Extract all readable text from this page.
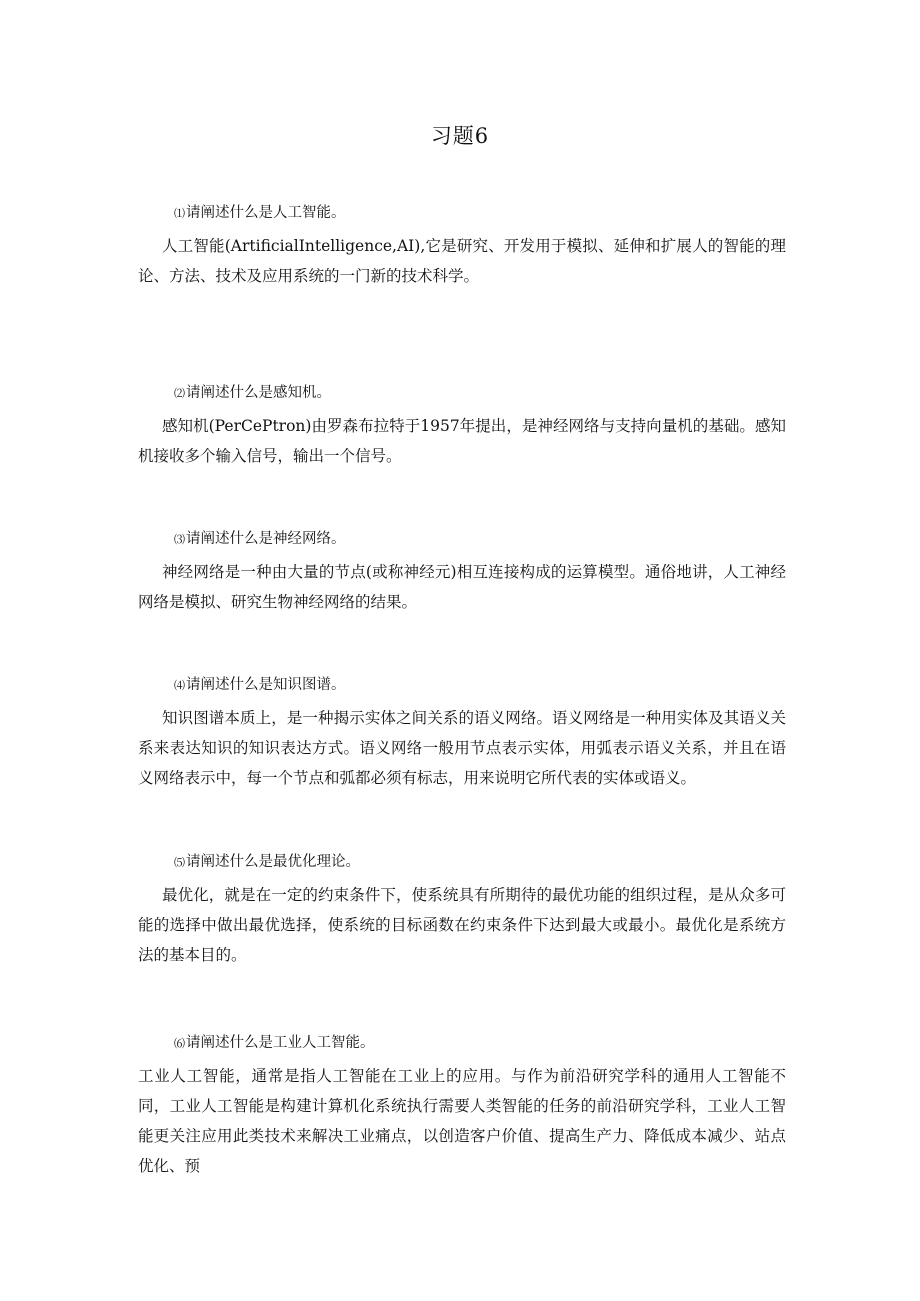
习题6
⑴请阐述什么是人工智能。

人工智能(ArtificialIntelligence,AI),它是研究、开发用于模拟、延伸和扩展人的智能的理论、方法、技术及应用系统的一门新的技术科学。

⑵请阐述什么是感知机。

感知机(PerCePtron)由罗森布拉特于1957年提出，是神经网络与支持向量机的基础。感知机接收多个输入信号，输出一个信号。

⑶请阐述什么是神经网络。

神经网络是一种由大量的节点(或称神经元)相互连接构成的运算模型。通俗地讲，人工神经网络是模拟、研究生物神经网络的结果。

⑷请阐述什么是知识图谱。

知识图谱本质上，是一种揭示实体之间关系的语义网络。语义网络是一种用实体及其语义关系来表达知识的知识表达方式。语义网络一般用节点表示实体，用弧表示语义关系，并且在语义网络表示中，每一个节点和弧都必须有标志，用来说明它所代表的实体或语义。

⑸请阐述什么是最优化理论。

最优化，就是在一定的约束条件下，使系统具有所期待的最优功能的组织过程，是从众多可能的选择中做出最优选择，使系统的目标函数在约束条件下达到最大或最小。最优化是系统方法的基本目的。

⑹请阐述什么是工业人工智能。

工业人工智能，通常是指人工智能在工业上的应用。与作为前沿研究学科的通用人工智能不同，工业人工智能是构建计算机化系统执行需要人类智能的任务的前沿研究学科，工业人工智能更关注应用此类技术来解决工业痛点，以创造客户价值、提高生产力、降低成本减少、站点优化、预
